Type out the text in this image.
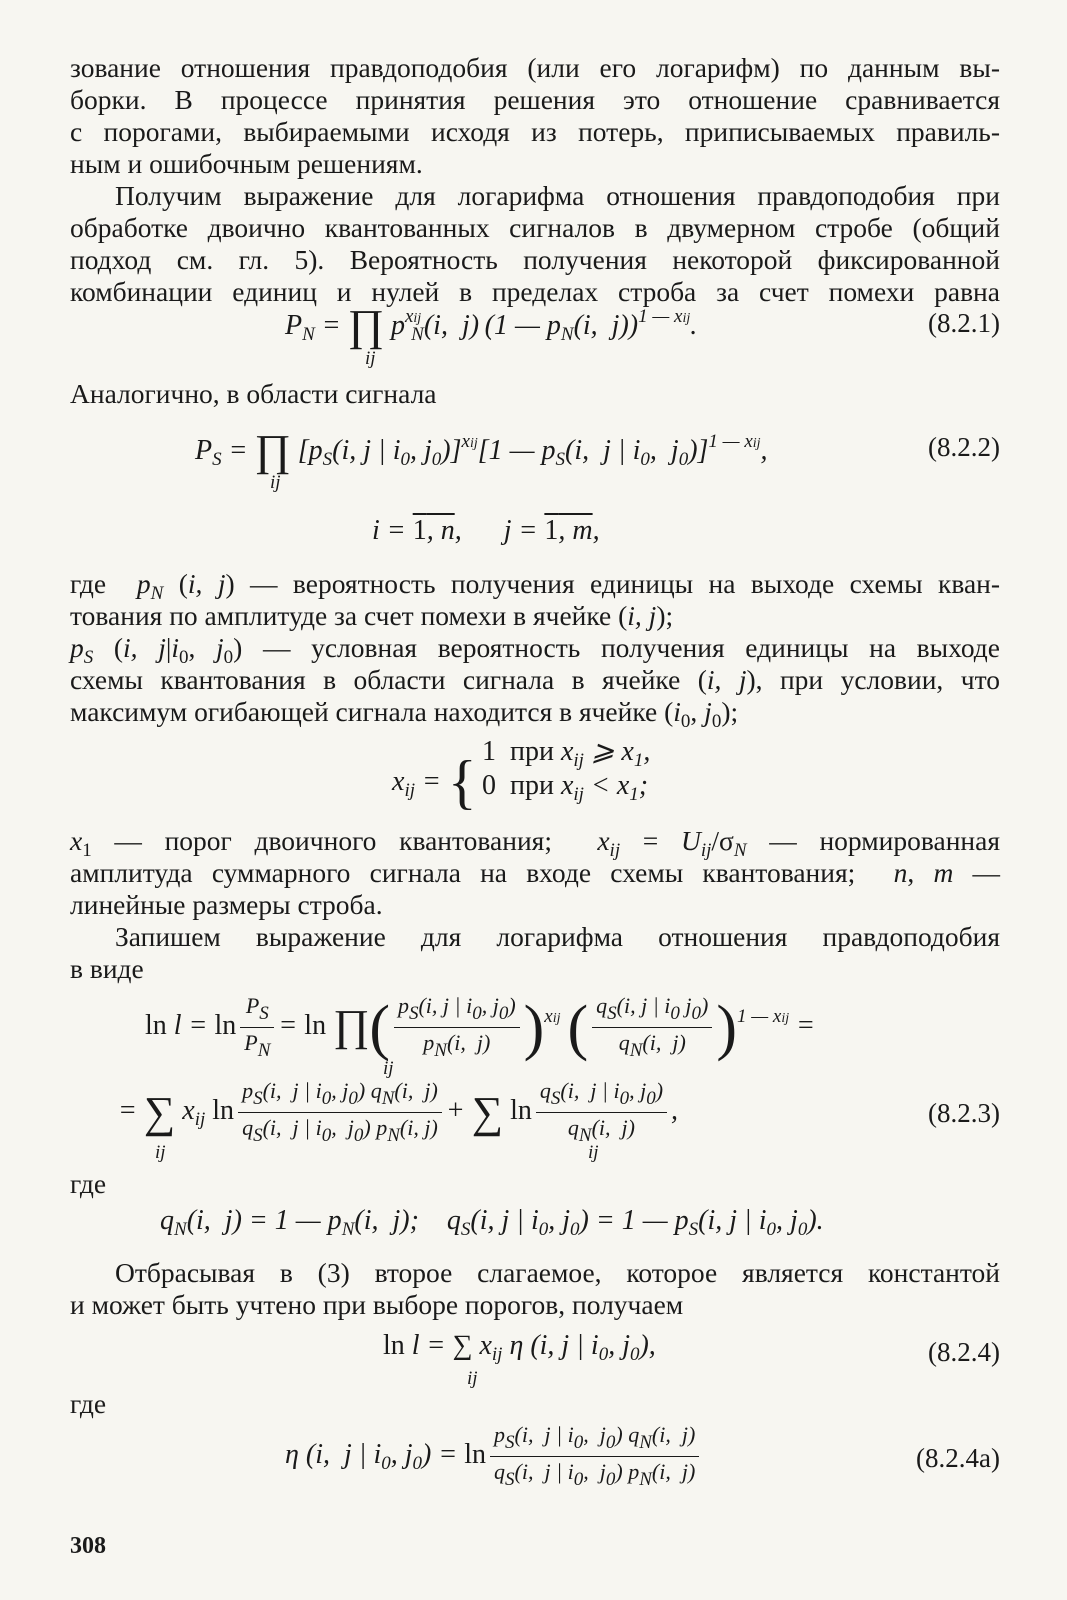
зование отношения правдоподобия (или его логарифм) по данным вы-
борки. В процессе принятия решения это отношение сравнивается
с порогами, выбираемыми исходя из потерь, приписываемых правиль-
ным и ошибочным решениям.
Получим выражение для логарифма отношения правдоподобия при
обработке двоично квантованных сигналов в двумерном стробе (общий
подход см. гл. 5). Вероятность получения некоторой фиксированной
комбинации единиц и нулей в пределах строба за счет помехи равна
$P_N$ = ∏ $p^{xij}_N(i$,  j) (1 — $p_N(i$,  j))$^{1 — xij}$.
ij
(8.2.1)
Аналогично, в области сигнала
$P_S$ = ∏ [$p_S(i$, j | $i_0$, $j_0)]^{xij}[1$ — $p_S(i$,  j | $i_0$,  $j_0)]^{1 — xij}$,
ij
(8.2.2)
i = 1, n,      j = 1, m,
где  $p_N$ (i, j) — вероятность получения единицы на выходе схемы кван-
тования по амплитуде за счет помехи в ячейке (i, j);
$p_S$ (i, $j|i_0$, $j_0$) — условная вероятность получения единицы на выходе
схемы квантования в области сигнала в ячейке (i, j), при условии, что
максимум огибающей сигнала находится в ячейке ($i_0$, $j_0$);
$x_{ij}$ = { 1 при $x_{ij}$ ⩾ $x_1$,
0 при $x_{ij} < x_1$;
$x_1$ — порог двоичного квантования;  $x_{ij} = U_{ij}/\sigma_N$ — нормированная
амплитуда суммарного сигнала на входе схемы квантования;  n, m —
линейные размеры строба.
Запишем выражение для логарифма отношения правдоподобия
в виде
$\ln l = \ln \frac{PS}{PN} = \ln$ ∏( $\frac{pS(i, j | i0, j0)}{pN(i, j)} )^{xij}$ ( $\frac{qS(i, j | i0 j0)}{qN(i, j)} )^{1 — xij}$ =
ij
= ∑ $x_{ij}$ $\ln \frac{pS(i, j | i0, j0) qN(i, j)}{qS(i, j | i0, j0) pN(i, j)}$ + ∑ $\ln \frac{qS(i, j | i0, j0)}{qN(i, j)}$ ,
ij	ij
(8.2.3)
где
$q_N(i$,  j) = 1 — $p_N(i$,  j);    $q_S(i$, j | $i_0$, $j_0) = 1$ — $p_S(i$, j | $i_0$, $j_0$).
Отбрасывая в (3) второе слагаемое, которое является константой
и может быть учтено при выборе порогов, получаем
ln l = ∑ $x_{ij}$ η (i, j | $i_0$, $j_0$),
ij
(8.2.4)
где
η (i,  j | $i_0$, $j_0) = \ln \frac{pS(i, j | i0, j0) qN(i, j)}{qS(i, j | i0, j0) pN(i, j)}$	(8.2.4а)
308
